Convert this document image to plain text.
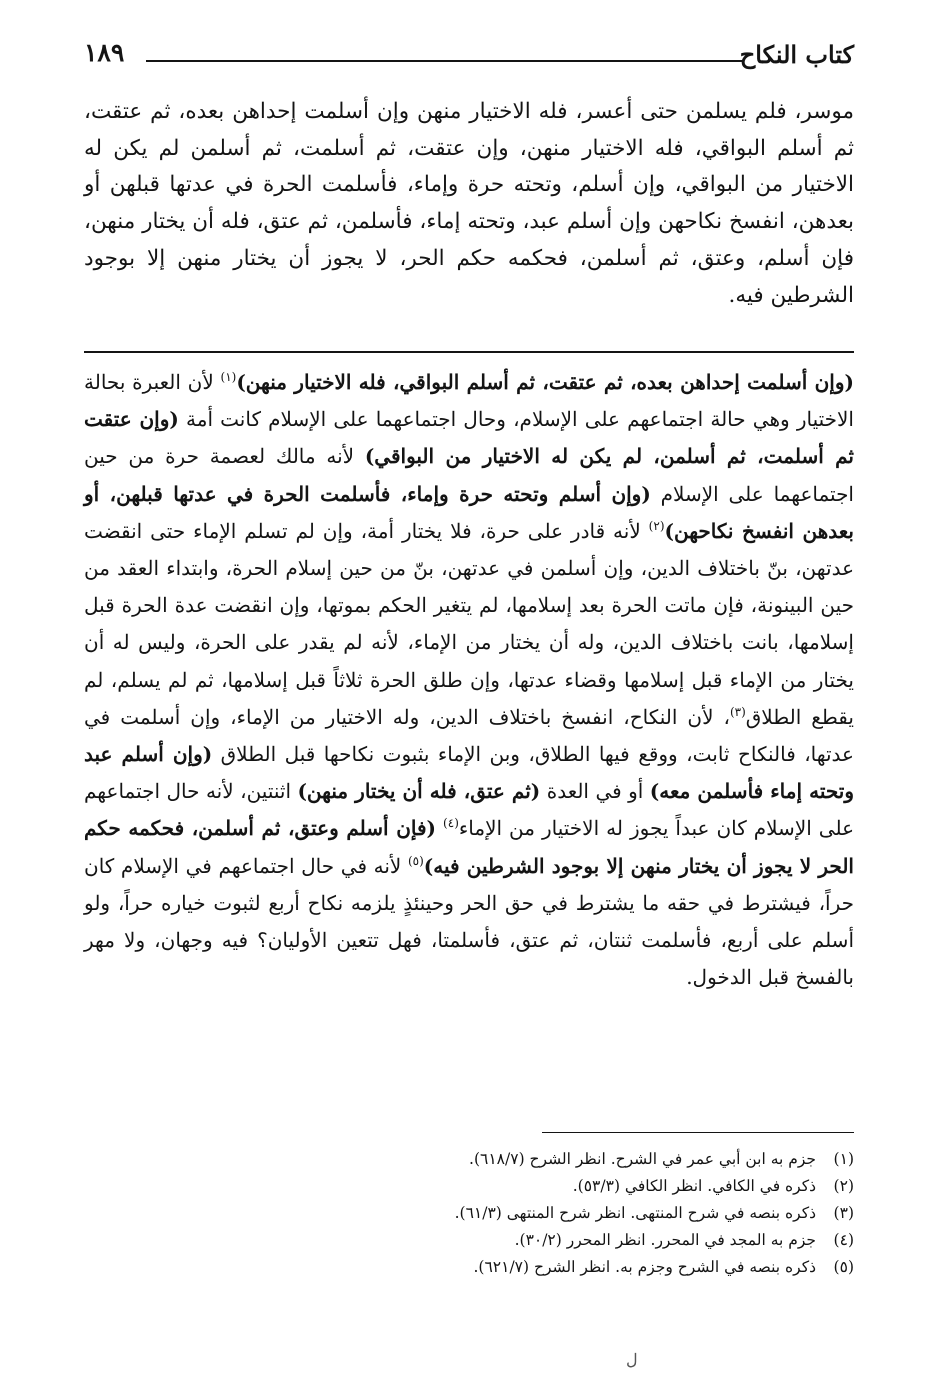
كتاب النكاح
١٨٩

موسر، فلم يسلمن حتى أعسر، فله الاختيار منهن وإن أسلمت إحداهن بعده، ثم عتقت، ثم أسلم البواقي، فله الاختيار منهن، وإن عتقت، ثم أسلمت، ثم أسلمن لم يكن له الاختيار من البواقي، وإن أسلم، وتحته حرة وإماء، فأسلمت الحرة في عدتها قبلهن أو بعدهن، انفسخ نكاحهن وإن أسلم عبد، وتحته إماء، فأسلمن، ثم عتق، فله أن يختار منهن، فإن أسلم، وعتق، ثم أسلمن، فحكمه حكم الحر، لا يجوز أن يختار منهن إلا بوجود الشرطين فيه.

(وإن أسلمت إحداهن بعده، ثم عتقت، ثم أسلم البواقي، فله الاختيار منهن)$^{(١)}$ لأن العبرة بحالة الاختيار وهي حالة اجتماعهم على الإسلام، وحال اجتماعهما على الإسلام كانت أمة (وإن عتقت ثم أسلمت، ثم أسلمن، لم يكن له الاختيار من البواقي) لأنه مالك لعصمة حرة من حين اجتماعهما على الإسلام (وإن أسلم وتحته حرة وإماء، فأسلمت الحرة في عدتها قبلهن، أو بعدهن انفسخ نكاحهن)$^{(٢)}$ لأنه قادر على حرة، فلا يختار أمة، وإن لم تسلم الإماء حتى انقضت عدتهن، بنّ باختلاف الدين، وإن أسلمن في عدتهن، بنّ من حين إسلام الحرة، وابتداء العقد من حين البينونة، فإن ماتت الحرة بعد إسلامها، لم يتغير الحكم بموتها، وإن انقضت عدة الحرة قبل إسلامها، بانت باختلاف الدين، وله أن يختار من الإماء، لأنه لم يقدر على الحرة، وليس له أن يختار من الإماء قبل إسلامها وقضاء عدتها، وإن طلق الحرة ثلاثاً قبل إسلامها، ثم لم يسلم، لم يقطع الطلاق$^{(٣)}$، لأن النكاح، انفسخ باختلاف الدين، وله الاختيار من الإماء، وإن أسلمت في عدتها، فالنكاح ثابت، ووقع فيها الطلاق، وبن الإماء بثبوت نكاحها قبل الطلاق (وإن أسلم عبد وتحته إماء فأسلمن معه) أو في العدة (ثم عتق، فله أن يختار منهن) اثنتين، لأنه حال اجتماعهم على الإسلام كان عبداً يجوز له الاختيار من الإماء$^{(٤)}$ (فإن أسلم وعتق، ثم أسلمن، فحكمه حكم الحر لا يجوز أن يختار منهن إلا بوجود الشرطين فيه)$^{(٥)}$ لأنه في حال اجتماعهم في الإسلام كان حراً، فيشترط في حقه ما يشترط في حق الحر وحينئذٍ يلزمه نكاح أربع لثبوت خياره حراً، ولو أسلم على أربع، فأسلمت ثنتان، ثم عتق، فأسلمتا، فهل تتعين الأوليان؟ فيه وجهان، ولا مهر بالفسخ قبل الدخول.

(١)جزم به ابن أبي عمر في الشرح. انظر الشرح (٦١٨/٧).
(٢)ذكره في الكافي. انظر الكافي (٥٣/٣).
(٣)ذكره بنصه في شرح المنتهى. انظر شرح المنتهى (٦١/٣).
(٤)جزم به المجد في المحرر. انظر المحرر (٣٠/٢).
(٥)ذكره بنصه في الشرح وجزم به. انظر الشرح (٦٢١/٧).
ل
